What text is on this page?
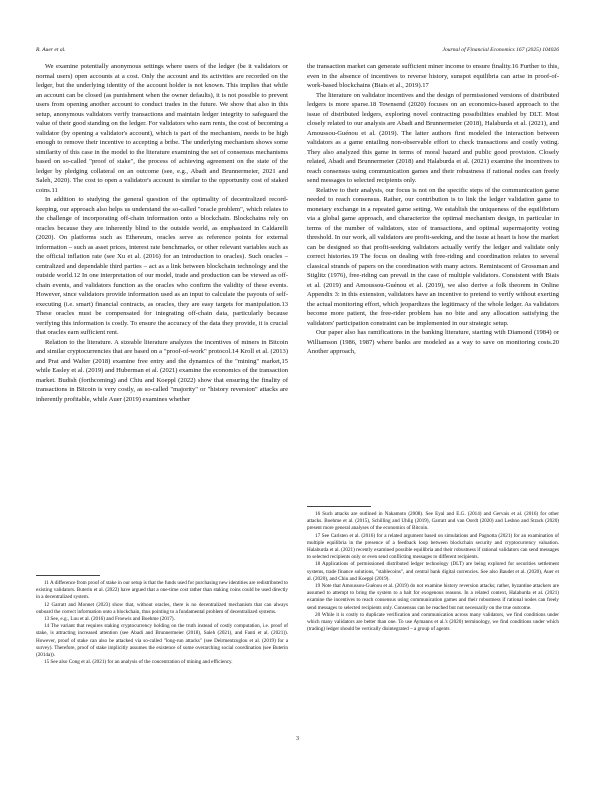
R. Auer et al.	Journal of Financial Economics 167 (2025) 104026

We examine potentially anonymous settings where users of the ledger (be it validators or normal users) open accounts at a cost. Only the account and its activities are recorded on the ledger, but the underlying identity of the account holder is not known. This implies that while an account can be closed (as punishment when the owner defaults), it is not possible to prevent users from opening another account to conduct trades in the future. We show that also in this setup, anonymous validators verify transactions and maintain ledger integrity to safeguard the value of their good standing on the ledger. For validators who earn rents, the cost of becoming a validator (by opening a validator's account), which is part of the mechanism, needs to be high enough to remove their incentive to accepting a bribe. The underlying mechanism shows some similarity of this case in the model to the literature examining the set of consensus mechanisms based on so-called "proof of stake", the process of achieving agreement on the state of the ledger by pledging collateral on an outcome (see, e.g., Abadi and Brunnermeier, 2021 and Saleh, 2020). The cost to open a validator's account is similar to the opportunity cost of staked coins.11

In addition to studying the general question of the optimality of decentralized record-keeping, our approach also helps us understand the so-called "oracle problem", which relates to the challenge of incorporating off-chain information onto a blockchain. Blockchains rely on oracles because they are inherently blind to the outside world, as emphasized in Caldarelli (2020). On platforms such as Ethereum, oracles serve as reference points for external information – such as asset prices, interest rate benchmarks, or other relevant variables such as the official inflation rate (see Xu et al. (2016) for an introduction to oracles). Such oracles – centralized and dependable third parties – act as a link between blockchain technology and the outside world.12 In one interpretation of our model, trade and production can be viewed as off-chain events, and validators function as the oracles who confirm the validity of these events. However, since validators provide information used as an input to calculate the payouts of self-executing (i.e. smart) financial contracts, as oracles, they are easy targets for manipulation.13 These oracles must be compensated for integrating off-chain data, particularly because verifying this information is costly. To ensure the accuracy of the data they provide, it is crucial that oracles earn sufficient rent.

Relation to the literature. A sizeable literature analyzes the incentives of miners in Bitcoin and similar cryptocurrencies that are based on a "proof-of-work" protocol.14 Kroll et al. (2013) and Prat and Walter (2018) examine free entry and the dynamics of the "mining" market,15 while Easley et al. (2019) and Huberman et al. (2021) examine the economics of the transaction market. Budish (forthcoming) and Chiu and Koeppl (2022) show that ensuring the finality of transactions in Bitcoin is very costly, as so-called "majority" or "history reversion" attacks are inherently profitable, while Auer (2019) examines whether

11 A difference from proof of stake in our setup is that the funds used for purchasing new identities are redistributed to existing validators. Buterin et al. (2022) have argued that a one-time cost rather than staking coins could be used directly in a decentralized system.

12 Garratt and Monnet (2023) show that, without oracles, there is no decentralized mechanism that can always onboard the correct information onto a blockchain, thus pointing to a fundamental problem of decentralized systems.

13 See, e.g., Luu et al. (2016) and Froewis and Boehme (2017).

14 The variant that requires staking cryptocurrency holding on the truth instead of costly computation, i.e. proof of stake, is attracting increased attention (see Abadi and Brunnermeier (2018), Saleh (2021), and Fanti et al. (2021)). However, proof of stake can also be attacked via so-called "long-run attacks" (see Deirmentzoglou et al. (2019) for a survey). Therefore, proof of stake implicitly assumes the existence of some overarching social coordination (see Buterin (2014a)).

15 See also Cong et al. (2021) for an analysis of the concentration of mining and efficiency.

the transaction market can generate sufficient miner income to ensure finality.16 Further to this, even in the absence of incentives to reverse history, sunspot equilibria can arise in proof-of-work-based blockchains (Biais et al., 2019).17

The literature on validator incentives and the design of permissioned versions of distributed ledgers is more sparse.18 Townsend (2020) focuses on an economics-based approach to the issue of distributed ledgers, exploring novel contracting possibilities enabled by DLT. Most closely related to our analysis are Abadi and Brunnermeier (2018), Halaburda et al. (2021), and Amoussou-Guénou et al. (2019). The latter authors first modeled the interaction between validators as a game entailing non-observable effort to check transactions and costly voting. They also analyzed this game in terms of moral hazard and public good provision. Closely related, Abadi and Brunnermeier (2018) and Halaburda et al. (2021) examine the incentives to reach consensus using communication games and their robustness if rational nodes can freely send messages to selected recipients only.

Relative to their analysis, our focus is not on the specific steps of the communication game needed to reach consensus. Rather, our contribution is to link the ledger validation game to monetary exchange in a repeated game setting. We establish the uniqueness of the equilibrium via a global game approach, and characterize the optimal mechanism design, in particular in terms of the number of validators, size of transactions, and optimal supermajority voting threshold. In our work, all validators are profit-seeking, and the issue at heart is how the market can be designed so that profit-seeking validators actually verify the ledger and validate only correct histories.19 The focus on dealing with free-riding and coordination relates to several classical strands of papers on the coordination with many actors. Reminiscent of Grossman and Stiglitz (1976), free-riding can prevail in the case of multiple validators. Consistent with Biais et al. (2019) and Amoussou-Guénou et al. (2019), we also derive a folk theorem in Online Appendix 3: in this extension, validators have an incentive to pretend to verify without exerting the actual monitoring effort, which jeopardizes the legitimacy of the whole ledger. As validators become more patient, the free-rider problem has no bite and any allocation satisfying the validators' participation constraint can be implemented in our strategic setup.

Our paper also has ramifications in the banking literature, starting with Diamond (1984) or Williamson (1986, 1987) where banks are modeled as a way to save on monitoring costs.20 Another approach,

16 Such attacks are outlined in Nakamoto (2008). See Eyal and E.G. (2014) and Gervais et al. (2016) for other attacks. Boehme et al. (2015), Schilling and Uhlig (2019), Garratt and van Oordt (2020) and Leshno and Strack (2020) present more general analyses of the economics of Bitcoin.

17 See Carlsten et al. (2016) for a related argument based on simulations and Pagnotta (2021) for an examination of multiple equilibria in the presence of a feedback loop between blockchain security and cryptocurrency valuation. Halaburda et al. (2021) recently examined possible equilibria and their robustness if rational validators can send messages to selected recipients only or even send conflicting messages to different recipients.

18 Applications of permissioned distributed ledger technology (DLT) are being explored for securities settlement systems, trade finance solutions, "stablecoins", and central bank digital currencies. See also Baudet et al. (2020), Auer et al. (2020), and Chiu and Koeppl (2019).

19 Note that Amoussou-Guénou et al. (2019) do not examine history reversion attacks; rather, byzantine attackers are assumed to attempt to bring the system to a halt for exogenous reasons. In a related context, Halaburda et al. (2021) examine the incentives to reach consensus using communication games and their robustness if rational nodes can freely send messages to selected recipients only. Consensus can be reached but not necessarily on the true outcome.

20 While it is costly to duplicate verification and communication across many validators, we find conditions under which many validators are better than one. To use Aymanns et al.'s (2020) terminology, we find conditions under which (trading) ledger should be vertically disintegrated – a group of agents

3
